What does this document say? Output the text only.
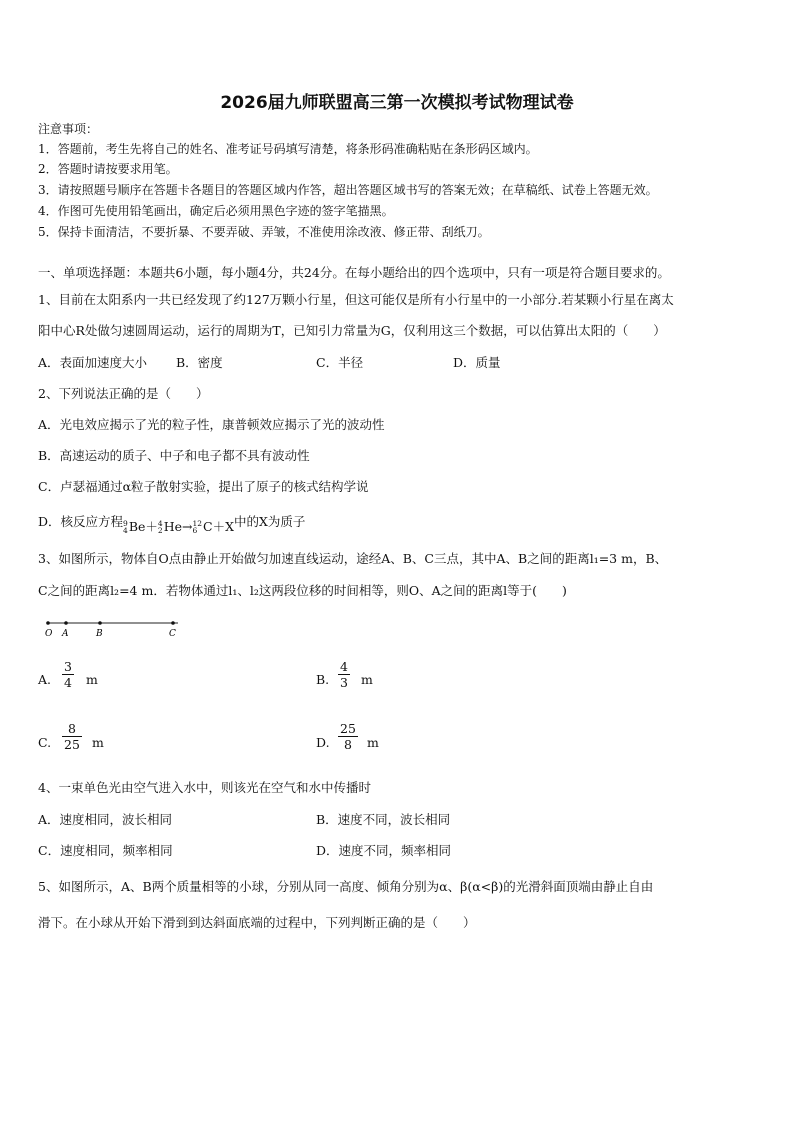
2026届九师联盟高三第一次模拟考试物理试卷
注意事项：
1．答题前，考生先将自己的姓名、准考证号码填写清楚，将条形码准确粘贴在条形码区域内。
2．答题时请按要求用笔。
3．请按照题号顺序在答题卡各题目的答题区域内作答，超出答题区域书写的答案无效；在草稿纸、试卷上答题无效。
4．作图可先使用铅笔画出，确定后必须用黑色字迹的签字笔描黑。
5．保持卡面清洁，不要折暴、不要弄破、弄皱，不准使用涂改液、修正带、刮纸刀。
一、单项选择题：本题共6小题，每小题4分，共24分。在每小题给出的四个选项中，只有一项是符合题目要求的。
1、目前在太阳系内一共已经发现了约127万颗小行星，但这可能仅是所有小行星中的一小部分.若某颗小行星在离太
阳中心R处做匀速圆周运动，运行的周期为T，已知引力常量为G，仅利用这三个数据，可以估算出太阳的（　　）
A．表面加速度大小 B．密度	C．半径	D．质量
2、下列说法正确的是（　　）
A．光电效应揭示了光的粒子性，康普顿效应揭示了光的波动性
B．高速运动的质子、中子和电子都不具有波动性
C．卢瑟福通过α粒子散射实验，提出了原子的核式结构学说
D．核反应方程 9
4 Be＋ 4
2 He→ 12
6 C＋X中的X为质子
3、如图所示，物体自O点由静止开始做匀加速直线运动，途经A、B、C三点，其中A、B之间的距离l₁=3 m，B、
C之间的距离l₂=4 m．若物体通过l₁、l₂这两段位移的时间相等，则O、A之间的距离l等于(　　)
O A	B	C
A.
3
4 m	B.
4
3 m
C.
8
25 m	D.
25
8 m
4、一束单色光由空气进入水中，则该光在空气和水中传播时
A．速度相同，波长相同	B．速度不同，波长相同
C．速度相同，频率相同	D．速度不同，频率相同
5、如图所示，A、B两个质量相等的小球，分别从同一高度、倾角分别为α、β(α<β)的光滑斜面顶端由静止自由
滑下。在小球从开始下滑到到达斜面底端的过程中，下列判断正确的是（　　）
